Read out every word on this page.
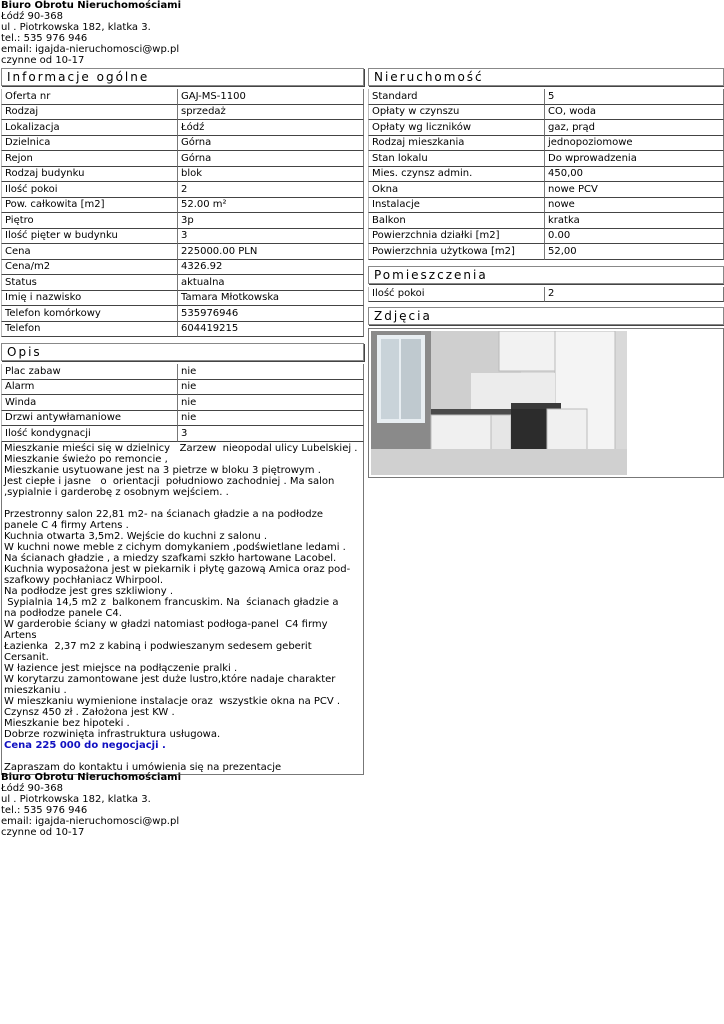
Biuro Obrotu Nieruchomościami
Łódź 90-368
ul . Piotrkowska 182, klatka 3.
tel.: 535 976 946
email: igajda-nieruchomosci@wp.pl
czynne od 10-17
Informacje ogólne
Oferta nr	GAJ-MS-1100
Rodzaj	sprzedaż
Lokalizacja	Łódź
Dzielnica	Górna
Rejon	Górna
Rodzaj budynku	blok
Ilość pokoi	2
Pow. całkowita [m2]	52.00 m²
Piętro	3p
Ilość pięter w budynku	3
Cena	225000.00 PLN
Cena/m2	4326.92
Status	aktualna
Imię i nazwisko	Tamara Młotkowska
Telefon komórkowy	535976946
Telefon	604419215
Opis
Plac zabaw	nie
Alarm	nie
Winda	nie
Drzwi antywłamaniowe	nie
Ilość kondygnacji	3
Mieszkanie mieści się w dzielnicy   Zarzew  nieopodal ulicy Lubelskiej .
Mieszkanie świeżo po remoncie ,
Mieszkanie usytuowane jest na 3 pietrze w bloku 3 piętrowym .
Jest ciepłe i jasne   o  orientacji  południowo zachodniej . Ma salon
,sypialnie i garderobę z osobnym wejściem. .

Przestronny salon 22,81 m2- na ścianach gładzie a na podłodze
panele C 4 firmy Artens .
Kuchnia otwarta 3,5m2. Wejście do kuchni z salonu .
W kuchni nowe meble z cichym domykaniem ,podświetlane ledami .
Na ścianach gładzie , a miedzy szafkami szkło hartowane Lacobel.
Kuchnia wyposażona jest w piekarnik i płytę gazową Amica oraz pod-
szafkowy pochłaniacz Whirpool.
Na podłodze jest gres szkliwiony .
Sypialnia 14,5 m2 z  balkonem francuskim. Na  ścianach gładzie a
na podłodze panele C4.
W garderobie ściany w gładzi natomiast podłoga-panel  C4 firmy
Artens
Łazienka  2,37 m2 z kabiną i podwieszanym sedesem geberit
Cersanit.
W łazience jest miejsce na podłączenie pralki .
W korytarzu zamontowane jest duże lustro,które nadaje charakter
mieszkaniu .
W mieszkaniu wymienione instalacje oraz  wszystkie okna na PCV .
Czynsz 450 zł . Założona jest KW .
Mieszkanie bez hipoteki .
Dobrze rozwinięta infrastruktura usługowa.
Cena 225 000 do negocjacji .

Zapraszam do kontaktu i umówienia się na prezentacje
Nieruchomość
Standard	5
Opłaty w czynszu	CO, woda
Opłaty wg liczników	gaz, prąd
Rodzaj mieszkania	jednopoziomowe
Stan lokalu	Do wprowadzenia
Mies. czynsz admin.	450,00
Okna	nowe PCV
Instalacje	nowe
Balkon	kratka
Powierzchnia działki [m2]	0.00
Powierzchnia użytkowa [m2]	52,00
Pomieszczenia
Ilość pokoi	2
Zdjęcia
Biuro Obrotu Nieruchomościami
Łódź 90-368
ul . Piotrkowska 182, klatka 3.
tel.: 535 976 946
email: igajda-nieruchomosci@wp.pl
czynne od 10-17
